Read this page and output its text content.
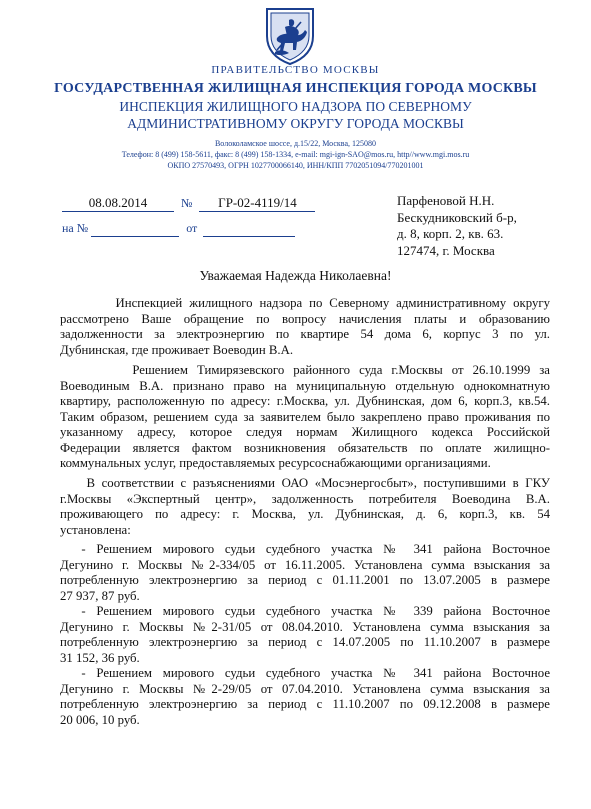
ПРАВИТЕЛЬСТВО МОСКВЫ
ГОСУДАРСТВЕННАЯ ЖИЛИЩНАЯ ИНСПЕКЦИЯ ГОРОДА МОСКВЫ
ИНСПЕКЦИЯ ЖИЛИЩНОГО НАДЗОРА ПО СЕВЕРНОМУ
АДМИНИСТРАТИВНОМУ ОКРУГУ ГОРОДА МОСКВЫ
Волоколамское шоссе, д.15/22, Москва, 125080
Телефон: 8 (499) 158-5611, факс: 8 (499) 158-1334, e-mail: mgi-ign-SAO@mos.ru, http//www.mgi.mos.ru
ОКПО 27570493, ОГРН 1027700066140, ИНН/КПП 7702051094/770201001
08.08.2014	№ ГР-02-4119/14
на №	от
Парфеновой Н.Н.
Бескудниковский б-р,
д. 8, корп. 2, кв. 63.
127474, г. Москва
Уважаемая Надежда Николаевна!
Инспекцией жилищного надзора по Северному административному округу
рассмотрено Ваше обращение по вопросу начисления платы и образованию
задолженности за электроэнергию по квартире 54 дома 6, корпус 3 по ул.
Дубнинская, где проживает Воеводин В.А.
Решением Тимирязевского районного суда г.Москвы от 26.10.1999 за
Воеводиным В.А. признано право на муниципальную отдельную однокомнатную
квартиру, расположенную по адресу: г.Москва, ул. Дубнинская, дом 6, корп.3, кв.54.
Таким образом, решением суда за заявителем было закреплено право проживания по
указанному адресу, которое следуя нормам Жилищного кодекса Российской
Федерации является фактом возникновения обязательств по оплате жилищно-
коммунальных услуг, предоставляемых ресурсоснабжающими организациями.
В соответствии с разъяснениями ОАО «Мосэнергосбыт», поступившими в ГКУ
г.Москвы «Экспертный центр», задолженность потребителя Воеводина В.А.
проживающего по адресу: г. Москва, ул. Дубнинская, д. 6, корп.3, кв. 54
установлена:
- Решением мирового судьи судебного участка № 341 района Восточное
Дегунино г. Москвы №2-334/05 от 16.11.2005. Установлена сумма взыскания за
потребленную электроэнергию за период с 01.11.2001 по 13.07.2005 в размере
27 937, 87 руб.
- Решением мирового судьи судебного участка № 339 района Восточное
Дегунино г. Москвы №2-31/05 от 08.04.2010. Установлена сумма взыскания за
потребленную электроэнергию за период с 14.07.2005 по 11.10.2007 в размере
31 152, 36 руб.
- Решением мирового судьи судебного участка № 341 района Восточное
Дегунино г. Москвы №2-29/05 от 07.04.2010. Установлена сумма взыскания за
потребленную электроэнергию за период с 11.10.2007 по 09.12.2008 в размере
20 006, 10 руб.
